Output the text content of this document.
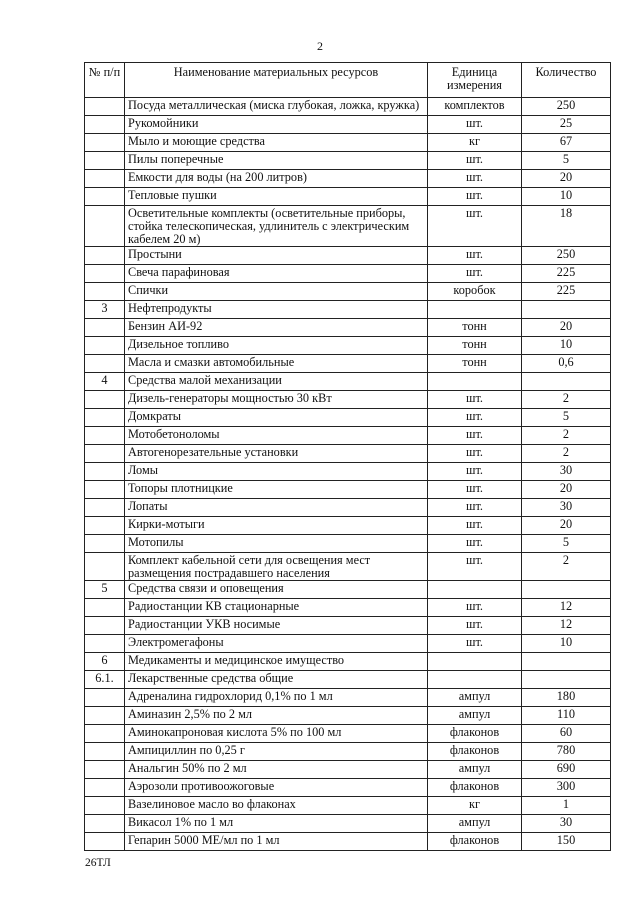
2
№ п/п	Наименование материальных ресурсов	Единица измерения	Количество
	Посуда металлическая (миска глубокая, ложка, кружка)	комплектов	250
	Рукомойники	шт.	25
	Мыло и моющие средства	кг	67
	Пилы поперечные	шт.	5
	Емкости для воды (на 200 литров)	шт.	20
	Тепловые пушки	шт.	10
	Осветительные комплекты (осветительные приборы, стойка телескопическая, удлинитель с электрическим кабелем 20 м)	шт.	18
	Простыни	шт.	250
	Свеча парафиновая	шт.	225
	Спички	коробок	225
3	Нефтепродукты		
	Бензин АИ-92	тонн	20
	Дизельное топливо	тонн	10
	Масла и смазки автомобильные	тонн	0,6
4	Средства малой механизации		
	Дизель-генераторы мощностью 30 кВт	шт.	2
	Домкраты	шт.	5
	Мотобетоноломы	шт.	2
	Автогенорезательные установки	шт.	2
	Ломы	шт.	30
	Топоры плотницкие	шт.	20
	Лопаты	шт.	30
	Кирки-мотыги	шт.	20
	Мотопилы	шт.	5
	Комплект кабельной сети для освещения мест размещения пострадавшего населения	шт.	2
5	Средства связи и оповещения		
	Радиостанции КВ стационарные	шт.	12
	Радиостанции УКВ носимые	шт.	12
	Электромегафоны	шт.	10
6	Медикаменты и медицинское имущество		
6.1.	Лекарственные средства общие		
	Адреналина гидрохлорид 0,1% по 1 мл	ампул	180
	Аминазин 2,5% по 2 мл	ампул	110
	Аминокапроновая кислота 5% по 100 мл	флаконов	60
	Ампициллин по 0,25 г	флаконов	780
	Анальгин 50% по 2 мл	ампул	690
	Аэрозоли противоожоговые	флаконов	300
	Вазелиновое масло во флаконах	кг	1
	Викасол 1% по 1 мл	ампул	30
	Гепарин 5000 МЕ/мл по 1 мл	флаконов	150
26ТЛ
